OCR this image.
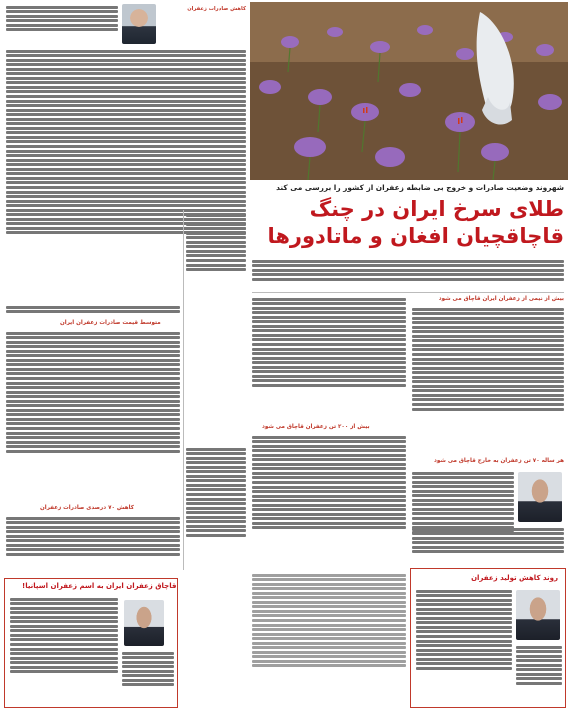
کاهش صادرات زعفران
متوسط قیمت صادرات زعفران ایران
کاهش ۷۰ درصدی صادرات زعفران
قاچاق زعفران ایران به اسم زعفران اسپانیا!
شهروند وضعیت صادرات و خروج بی ضابطه زعفران از کشور را بررسی می کند
طلای سرخ ایران در چنگ قاچاقچیان افغان و ماتادورها
بیش از نیمی از زعفران ایران قاچاق می شود
بیش از ۲۰۰ تن زعفران قاچاق می شود
هر ساله ۷۰ تن زعفران به خارج قاچاق می شود
روند کاهش تولید زعفران
